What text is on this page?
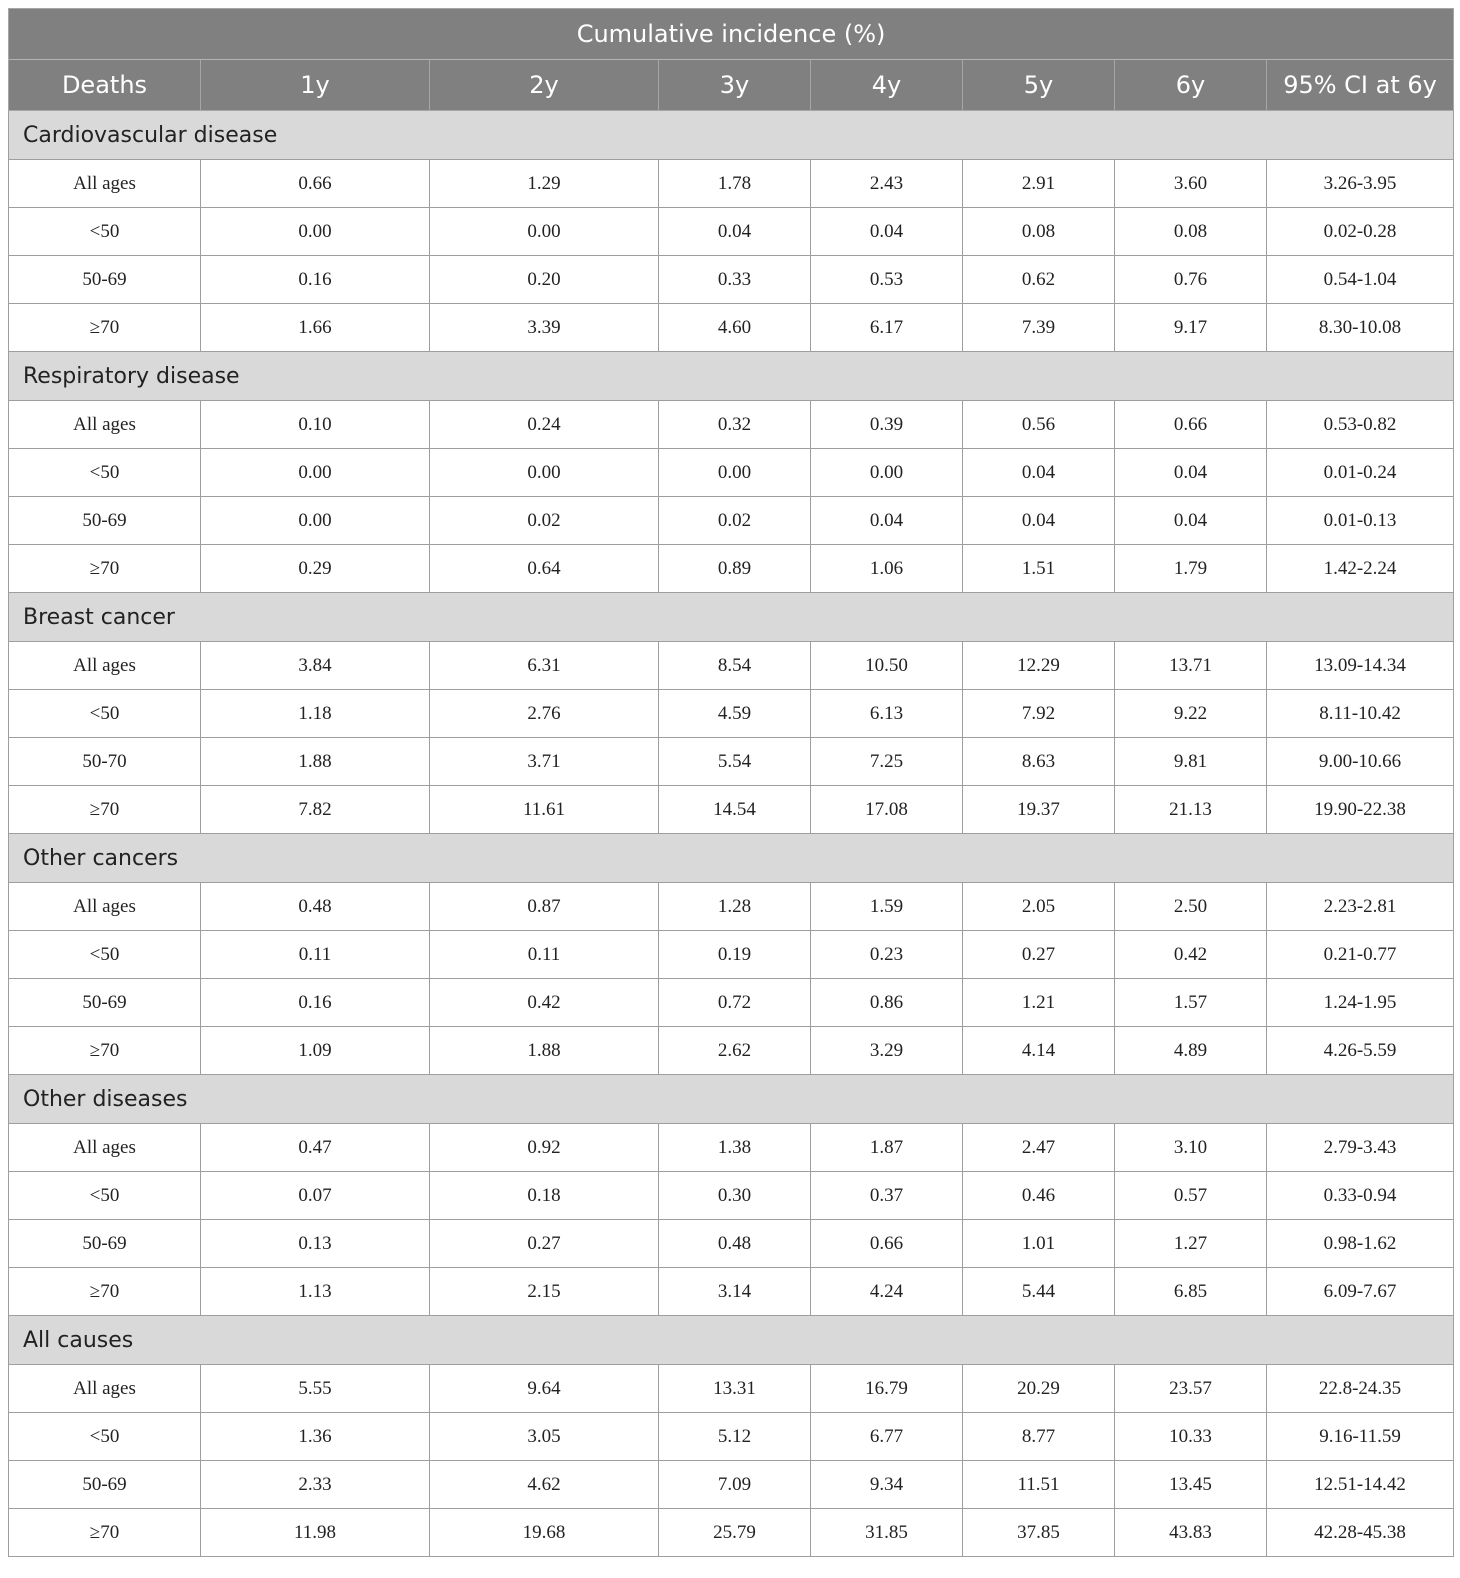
Cumulative incidence (%)							
Deaths	1y	2y	3y	4y	5y	6y	95% CI at 6y
Cardiovascular disease							
All ages	0.66	1.29	1.78	2.43	2.91	3.60	3.26-3.95
<50	0.00	0.00	0.04	0.04	0.08	0.08	0.02-0.28
50-69	0.16	0.20	0.33	0.53	0.62	0.76	0.54-1.04
≥70	1.66	3.39	4.60	6.17	7.39	9.17	8.30-10.08
Respiratory disease							
All ages	0.10	0.24	0.32	0.39	0.56	0.66	0.53-0.82
<50	0.00	0.00	0.00	0.00	0.04	0.04	0.01-0.24
50-69	0.00	0.02	0.02	0.04	0.04	0.04	0.01-0.13
≥70	0.29	0.64	0.89	1.06	1.51	1.79	1.42-2.24
Breast cancer							
All ages	3.84	6.31	8.54	10.50	12.29	13.71	13.09-14.34
<50	1.18	2.76	4.59	6.13	7.92	9.22	8.11-10.42
50-70	1.88	3.71	5.54	7.25	8.63	9.81	9.00-10.66
≥70	7.82	11.61	14.54	17.08	19.37	21.13	19.90-22.38
Other cancers							
All ages	0.48	0.87	1.28	1.59	2.05	2.50	2.23-2.81
<50	0.11	0.11	0.19	0.23	0.27	0.42	0.21-0.77
50-69	0.16	0.42	0.72	0.86	1.21	1.57	1.24-1.95
≥70	1.09	1.88	2.62	3.29	4.14	4.89	4.26-5.59
Other diseases							
All ages	0.47	0.92	1.38	1.87	2.47	3.10	2.79-3.43
<50	0.07	0.18	0.30	0.37	0.46	0.57	0.33-0.94
50-69	0.13	0.27	0.48	0.66	1.01	1.27	0.98-1.62
≥70	1.13	2.15	3.14	4.24	5.44	6.85	6.09-7.67
All causes							
All ages	5.55	9.64	13.31	16.79	20.29	23.57	22.8-24.35
<50	1.36	3.05	5.12	6.77	8.77	10.33	9.16-11.59
50-69	2.33	4.62	7.09	9.34	11.51	13.45	12.51-14.42
≥70	11.98	19.68	25.79	31.85	37.85	43.83	42.28-45.38
